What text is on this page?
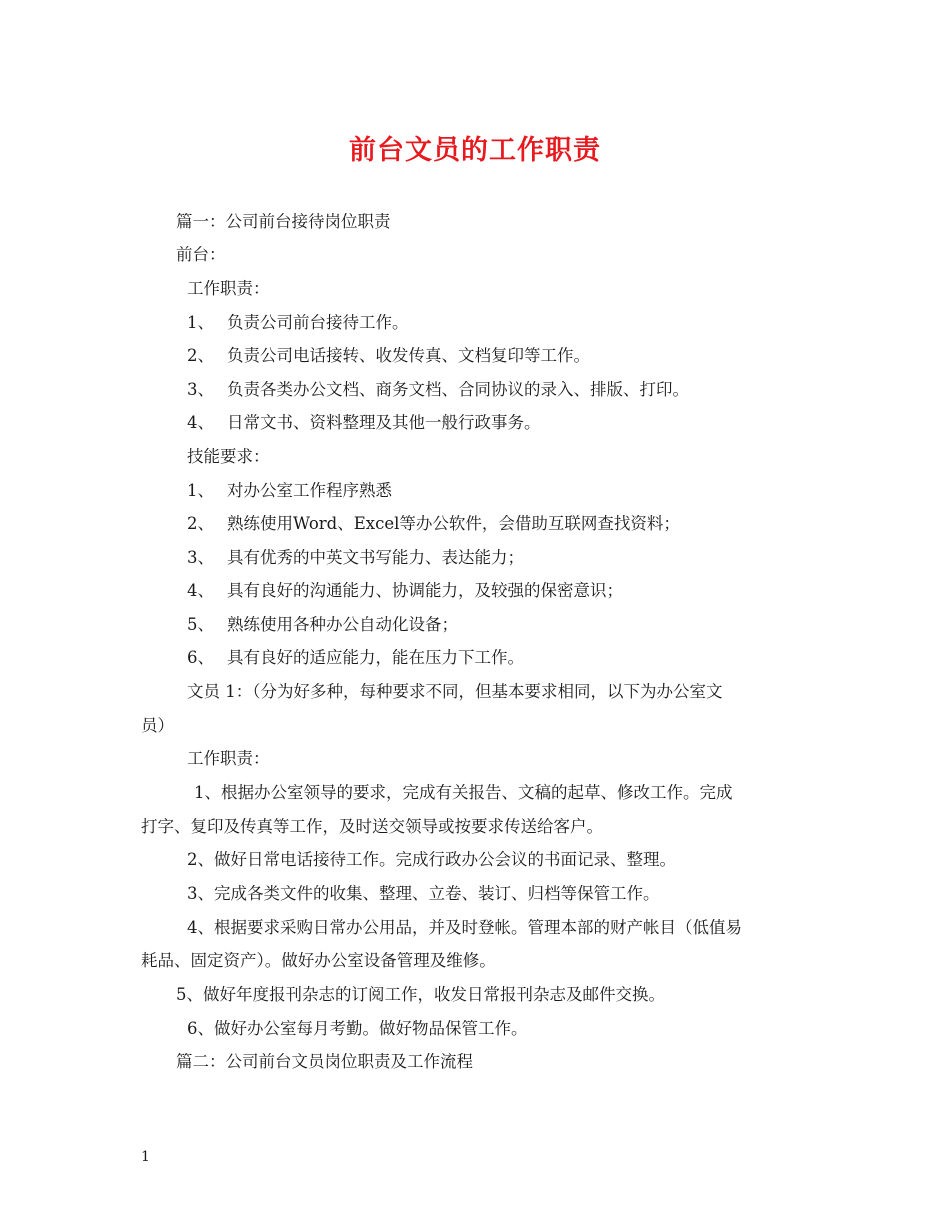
前台文员的工作职责
篇一：公司前台接待岗位职责
前台：
工作职责：
1、 负责公司前台接待工作。
2、 负责公司电话接转、收发传真、文档复印等工作。
3、 负责各类办公文档、商务文档、合同协议的录入、排版、打印。
4、 日常文书、资料整理及其他一般行政事务。
技能要求：
1、 对办公室工作程序熟悉
2、 熟练使用Word、Excel等办公软件，会借助互联网查找资料；
3、 具有优秀的中英文书写能力、表达能力；
4、 具有良好的沟通能力、协调能力，及较强的保密意识；
5、 熟练使用各种办公自动化设备；
6、 具有良好的适应能力，能在压力下工作。
文员 1：（分为好多种，每种要求不同，但基本要求相同，以下为办公室文
员）
工作职责：
1、根据办公室领导的要求，完成有关报告、文稿的起草、修改工作。完成
打字、复印及传真等工作，及时送交领导或按要求传送给客户。
2、做好日常电话接待工作。完成行政办公会议的书面记录、整理。
3、完成各类文件的收集、整理、立卷、装订、归档等保管工作。
4、根据要求采购日常办公用品，并及时登帐。管理本部的财产帐目（低值易
耗品、固定资产）。做好办公室设备管理及维修。
5、做好年度报刊杂志的订阅工作，收发日常报刊杂志及邮件交换。
6、做好办公室每月考勤。做好物品保管工作。
篇二：公司前台文员岗位职责及工作流程
1
